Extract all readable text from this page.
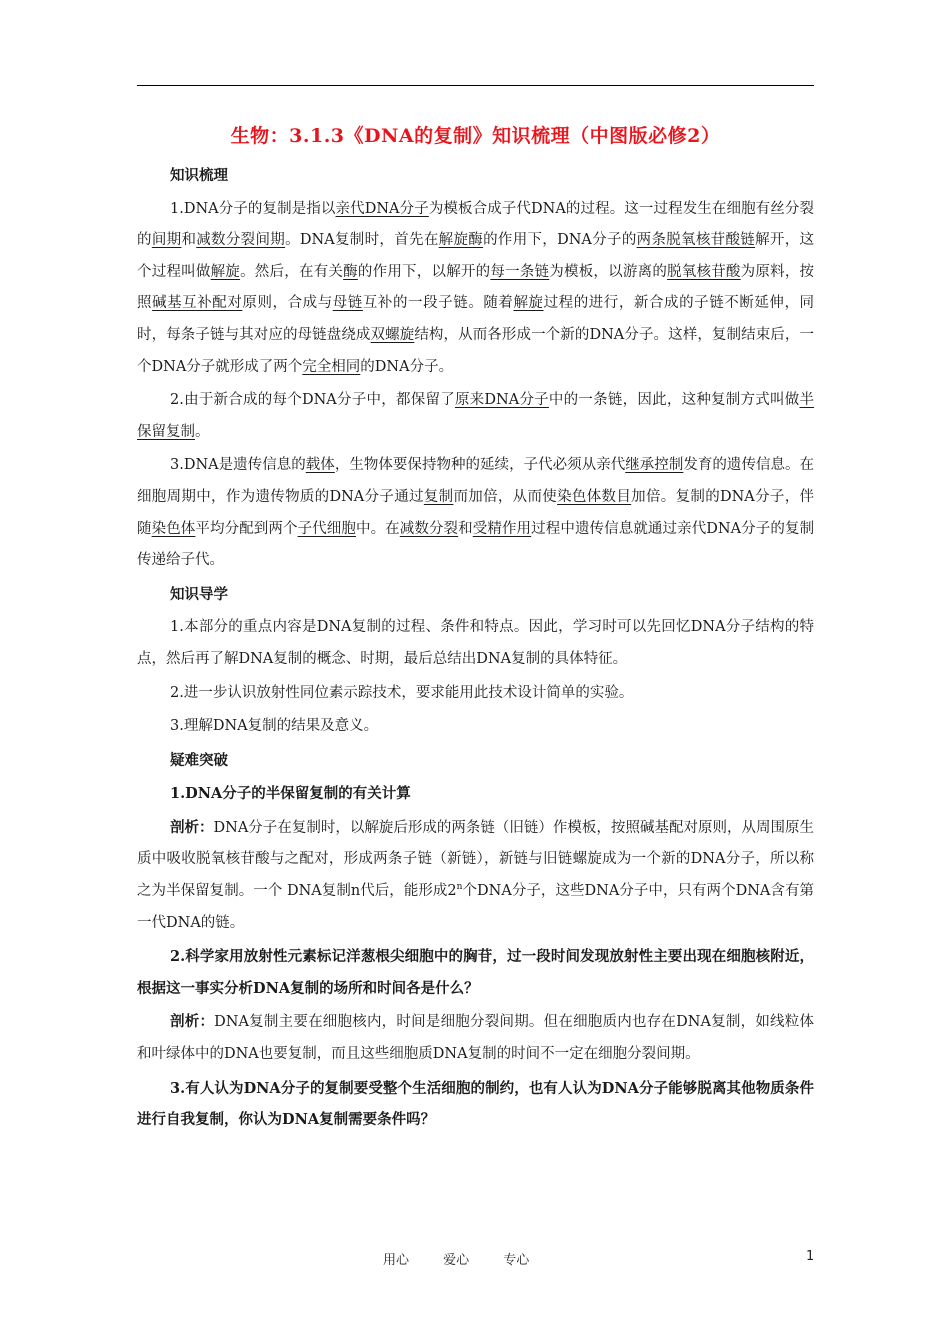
生物：3.1.3《DNA的复制》知识梳理（中图版必修2）
知识梳理
1.DNA分子的复制是指以亲代DNA分子为模板合成子代DNA的过程。这一过程发生在细胞有丝分裂的间期和减数分裂间期。DNA复制时，首先在解旋酶的作用下，DNA分子的两条脱氧核苷酸链解开，这个过程叫做解旋。然后，在有关酶的作用下，以解开的每一条链为模板，以游离的脱氧核苷酸为原料，按照碱基互补配对原则，合成与母链互补的一段子链。随着解旋过程的进行，新合成的子链不断延伸，同时，每条子链与其对应的母链盘绕成双螺旋结构，从而各形成一个新的DNA分子。这样，复制结束后，一个DNA分子就形成了两个完全相同的DNA分子。
2.由于新合成的每个DNA分子中，都保留了原来DNA分子中的一条链，因此，这种复制方式叫做半保留复制。
3.DNA是遗传信息的载体，生物体要保持物种的延续，子代必须从亲代继承控制发育的遗传信息。在细胞周期中，作为遗传物质的DNA分子通过复制而加倍，从而使染色体数目加倍。复制的DNA分子，伴随染色体平均分配到两个子代细胞中。在减数分裂和受精作用过程中遗传信息就通过亲代DNA分子的复制传递给子代。
知识导学
1.本部分的重点内容是DNA复制的过程、条件和特点。因此，学习时可以先回忆DNA分子结构的特点，然后再了解DNA复制的概念、时期，最后总结出DNA复制的具体特征。
2.进一步认识放射性同位素示踪技术，要求能用此技术设计简单的实验。
3.理解DNA复制的结果及意义。
疑难突破
1.DNA分子的半保留复制的有关计算
剖析：DNA分子在复制时，以解旋后形成的两条链（旧链）作模板，按照碱基配对原则，从周围原生质中吸收脱氧核苷酸与之配对，形成两条子链（新链），新链与旧链螺旋成为一个新的DNA分子，所以称之为半保留复制。一个 DNA复制n代后，能形成2$^n$个DNA分子，这些DNA分子中，只有两个DNA含有第一代DNA的链。
2.科学家用放射性元素标记洋葱根尖细胞中的胸苷，过一段时间发现放射性主要出现在细胞核附近，根据这一事实分析DNA复制的场所和时间各是什么？
剖析：DNA复制主要在细胞核内，时间是细胞分裂间期。但在细胞质内也存在DNA复制，如线粒体和叶绿体中的DNA也要复制，而且这些细胞质DNA复制的时间不一定在细胞分裂间期。
3.有人认为DNA分子的复制要受整个生活细胞的制约，也有人认为DNA分子能够脱离其他物质条件进行自我复制，你认为DNA复制需要条件吗？
用心 爱心 专心	1
